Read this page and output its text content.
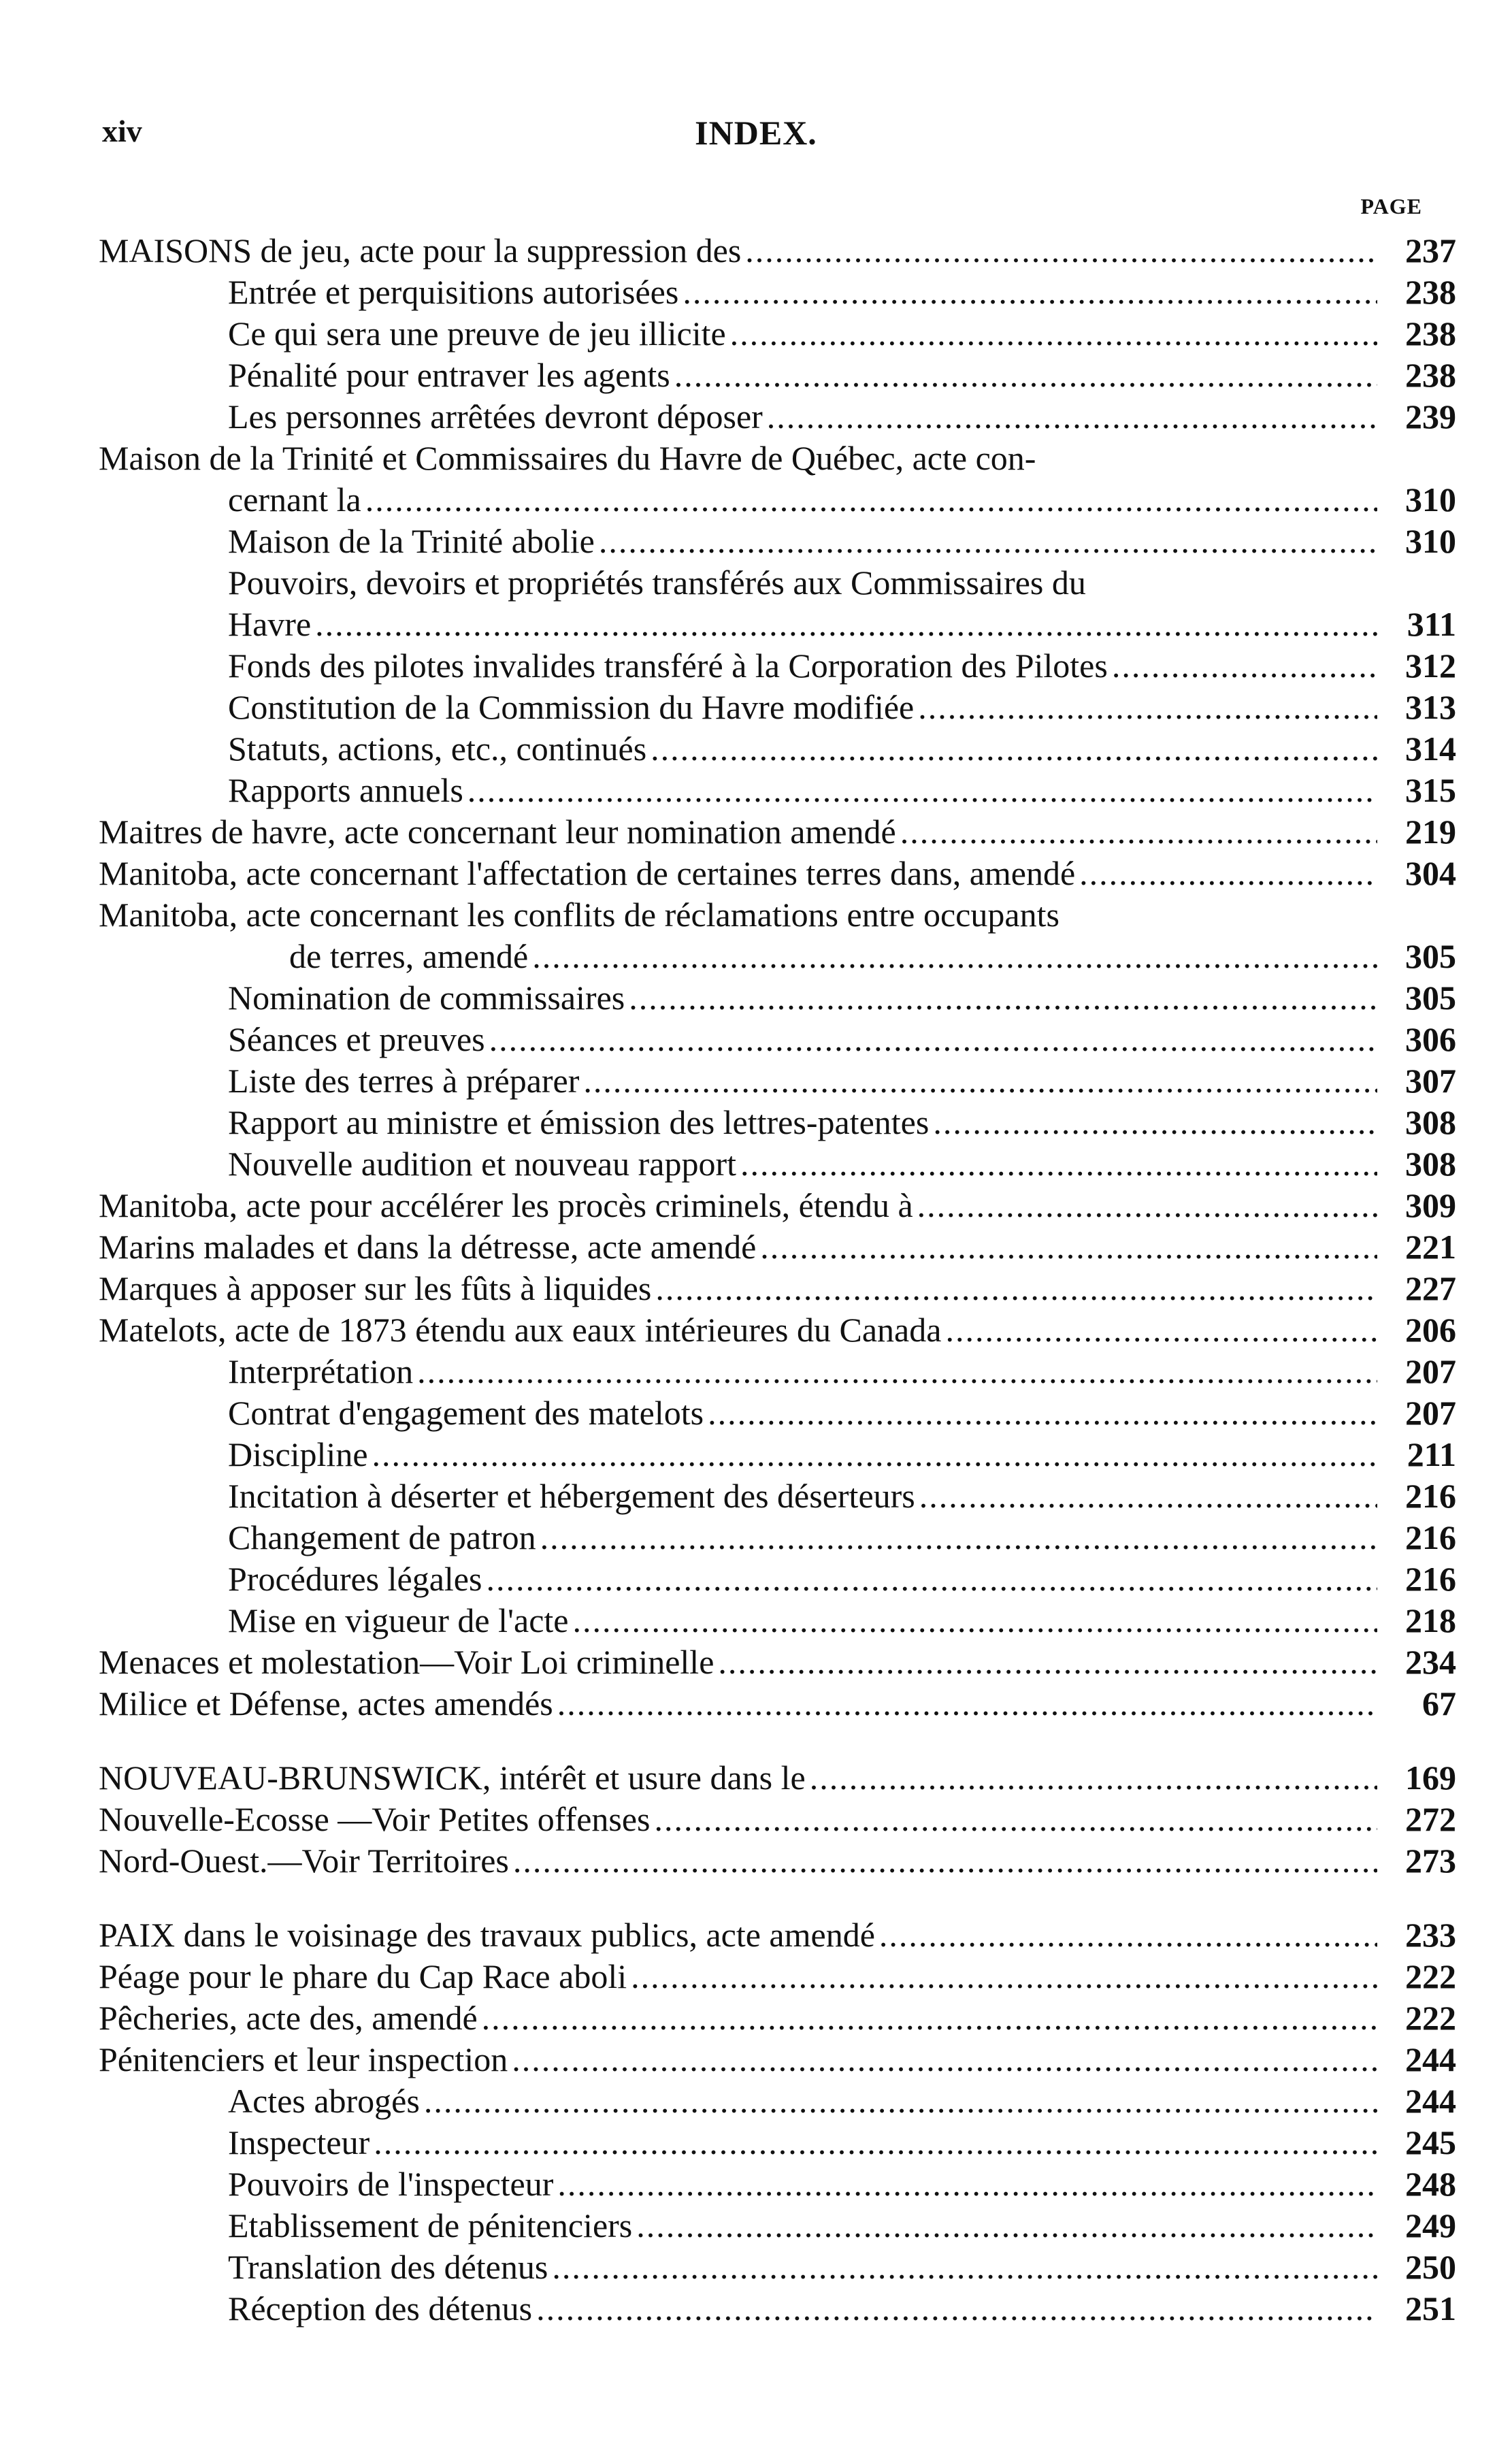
xiv	INDEX.
PAGE
MAISONS de jeu, acte pour la suppression des .....	237
Entrée et perquisitions autorisées .....	238
Ce qui sera une preuve de jeu illicite .....	238
Pénalité pour entraver les agents .....	238
Les personnes arrêtées devront déposer .....	239
Maison de la Trinité et Commissaires du Havre de Québec, acte con-
cernant la .....	310
Maison de la Trinité abolie .....	310
Pouvoirs, devoirs et propriétés transférés aux Commissaires du
Havre .....	311
Fonds des pilotes invalides transféré à la Corporation des Pilotes .....	312
Constitution de la Commission du Havre modifiée .....	313
Statuts, actions, etc., continués .....	314
Rapports annuels .....	315
Maitres de havre, acte concernant leur nomination amendé .....	219
Manitoba, acte concernant l'affectation de certaines terres dans, amendé .....	304
Manitoba, acte concernant les conflits de réclamations entre occupants
de terres, amendé .....	305
Nomination de commissaires .....	305
Séances et preuves .....	306
Liste des terres à préparer .....	307
Rapport au ministre et émission des lettres-patentes .....	308
Nouvelle audition et nouveau rapport .....	308
Manitoba, acte pour accélérer les procès criminels, étendu à .....	309
Marins malades et dans la détresse, acte amendé .....	221
Marques à apposer sur les fûts à liquides .....	227
Matelots, acte de 1873 étendu aux eaux intérieures du Canada .....	206
Interprétation .....	207
Contrat d'engagement des matelots .....	207
Discipline .....	211
Incitation à déserter et hébergement des déserteurs .....	216
Changement de patron .....	216
Procédures légales .....	216
Mise en vigueur de l'acte .....	218
Menaces et molestation—Voir Loi criminelle .....	234
Milice et Défense, actes amendés .....	67
NOUVEAU-BRUNSWICK, intérêt et usure dans le .....	169
Nouvelle-Ecosse —Voir Petites offenses .....	272
Nord-Ouest.—Voir Territoires .....	273
PAIX dans le voisinage des travaux publics, acte amendé .....	233
Péage pour le phare du Cap Race aboli .....	222
Pêcheries, acte des, amendé .....	222
Pénitenciers et leur inspection .....	244
Actes abrogés .....	244
Inspecteur .....	245
Pouvoirs de l'inspecteur .....	248
Etablissement de pénitenciers .....	249
Translation des détenus .....	250
Réception des détenus .....	251
